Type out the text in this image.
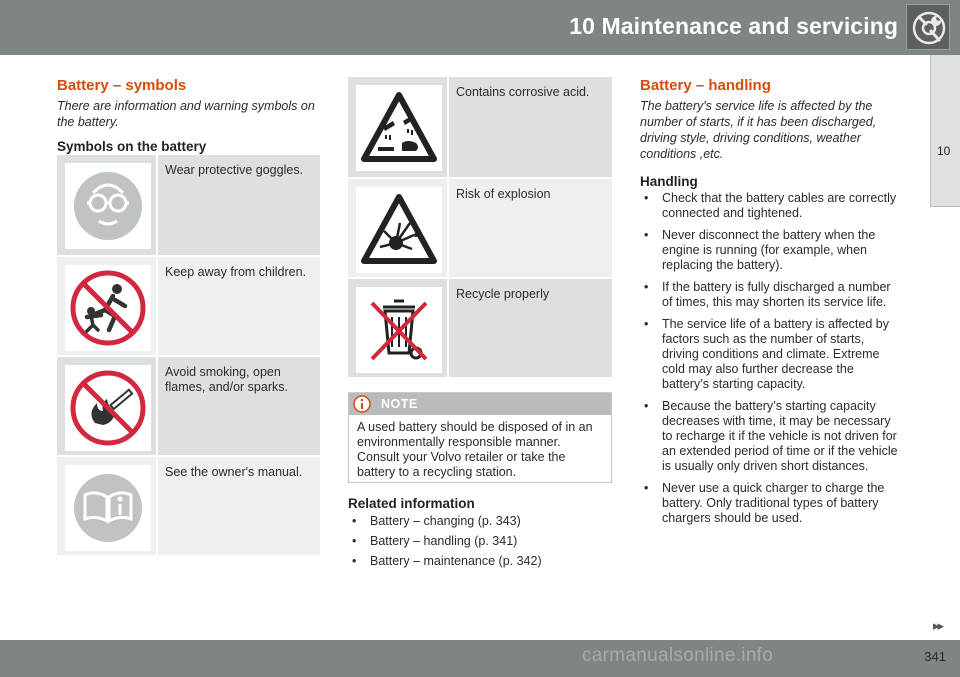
10 Maintenance and servicing
10
Battery – symbols
There are information and warning symbols on the battery.
Symbols on the battery
Wear protective goggles.
Keep away from children.
Avoid smoking, open flames, and/or sparks.
See the owner's manual.
Contains corrosive acid.
Risk of explosion
Recycle properly
NOTE
A used battery should be disposed of in an environmentally responsible manner. Consult your Volvo retailer or take the battery to a recycling station.
Related information
• Battery – changing (p. 343)
• Battery – handling (p. 341)
• Battery – maintenance (p. 342)
Battery – handling
The battery's service life is affected by the number of starts, if it has been discharged, driving style, driving conditions, weather conditions ,etc.
Handling
• Check that the battery cables are correctly connected and tightened.
• Never disconnect the battery when the engine is running (for example, when replacing the battery).
• If the battery is fully discharged a number of times, this may shorten its service life.
• The service life of a battery is affected by factors such as the number of starts, driving conditions and climate. Extreme cold may also further decrease the battery’s starting capacity.
• Because the battery’s starting capacity decreases with time, it may be necessary to recharge it if the vehicle is not driven for an extended period of time or if the vehicle is usually only driven short distances.
• Never use a quick charger to charge the battery. Only traditional types of battery chargers should be used.
▸▸
carmanualsonline.info	341
